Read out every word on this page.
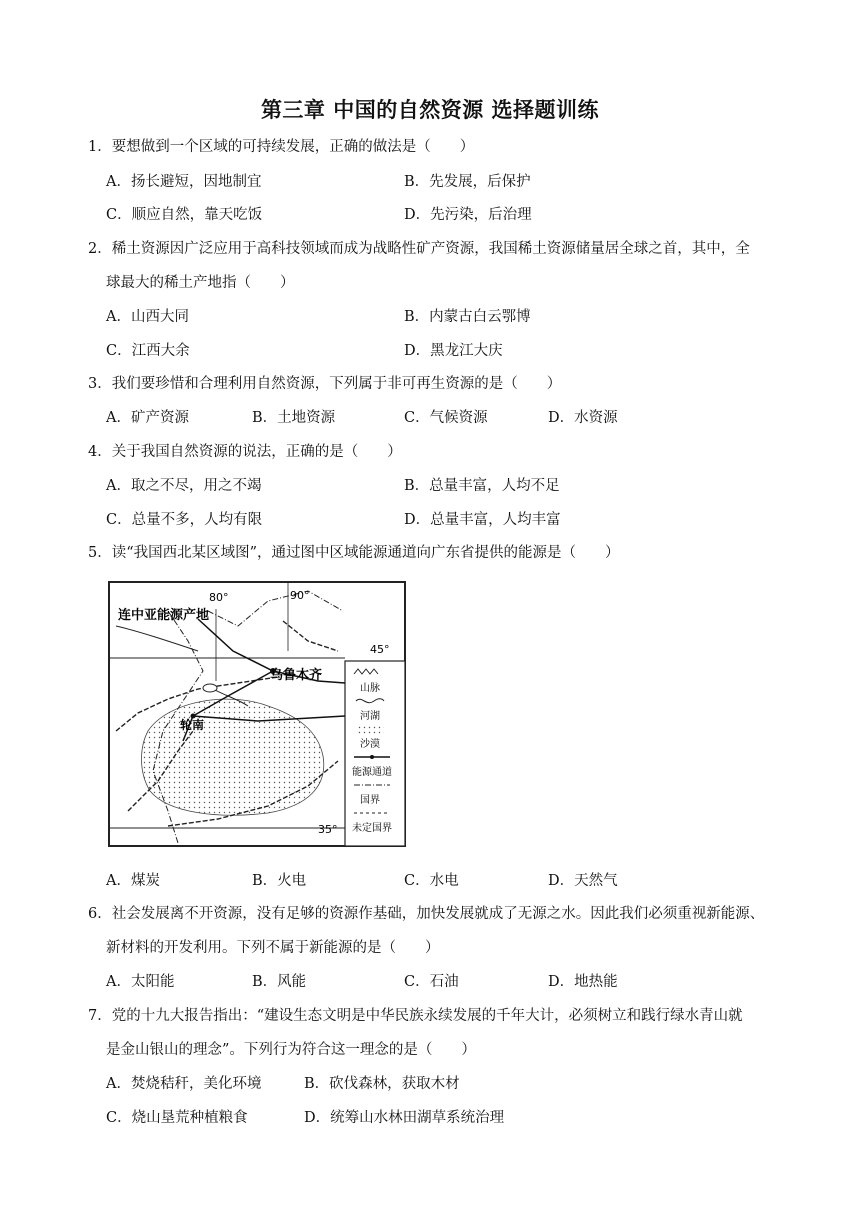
第三章 中国的自然资源 选择题训练
1．要想做到一个区域的可持续发展，正确的做法是（　　）
A．扬长避短，因地制宜	B．先发展，后保护
C．顺应自然，靠天吃饭	D．先污染，后治理
2．稀土资源因广泛应用于高科技领域而成为战略性矿产资源，我国稀土资源储量居全球之首，其中，全
球最大的稀土产地指（　　）
A．山西大同	B．内蒙古白云鄂博
C．江西大余	D．黑龙江大庆
3．我们要珍惜和合理利用自然资源，下列属于非可再生资源的是（　　）
A．矿产资源	B．土地资源	C．气候资源	D．水资源
4．关于我国自然资源的说法，正确的是（　　）
A．取之不尽，用之不竭	B．总量丰富，人均不足
C．总量不多，人均有限	D．总量丰富，人均丰富
5．读“我国西北某区域图”，通过图中区域能源通道向广东省提供的能源是（　　）
80°	90°
45°
35°
连中亚能源产地
乌鲁木齐
轮南
山脉
河湖
沙漠
能源通道
国界
未定国界
A．煤炭	B．火电	C．水电	D．天然气
6．社会发展离不开资源，没有足够的资源作基础，加快发展就成了无源之水。因此我们必须重视新能源、
新材料的开发利用。下列不属于新能源的是（　　）
A．太阳能	B．风能	C．石油	D．地热能
7．党的十九大报告指出：“建设生态文明是中华民族永续发展的千年大计，必须树立和践行绿水青山就
是金山银山的理念”。下列行为符合这一理念的是（　　）
A．焚烧秸秆，美化环境	B．砍伐森林，获取木材
C．烧山垦荒种植粮食	D．统筹山水林田湖草系统治理
